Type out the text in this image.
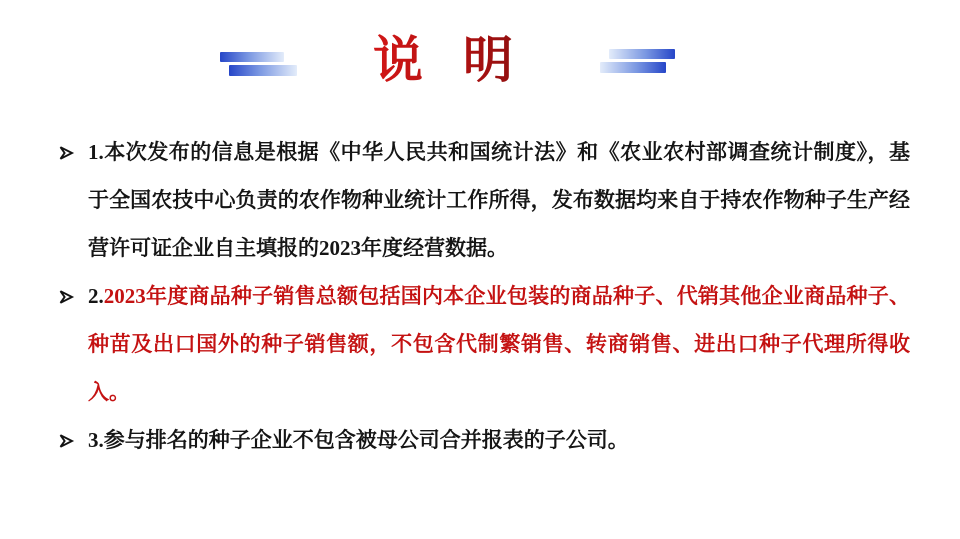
说明

1.本次发布的信息是根据《中华人民共和国统计法》和《农业农村部调查统计制度》，基于全国农技中心负责的农作物种业统计工作所得，发布数据均来自于持农作物种子生产经营许可证企业自主填报的2023年度经营数据。

2.2023年度商品种子销售总额包括国内本企业包装的商品种子、代销其他企业商品种子、种苗及出口国外的种子销售额，不包含代制繁销售、转商销售、进出口种子代理所得收入。

3.参与排名的种子企业不包含被母公司合并报表的子公司。
